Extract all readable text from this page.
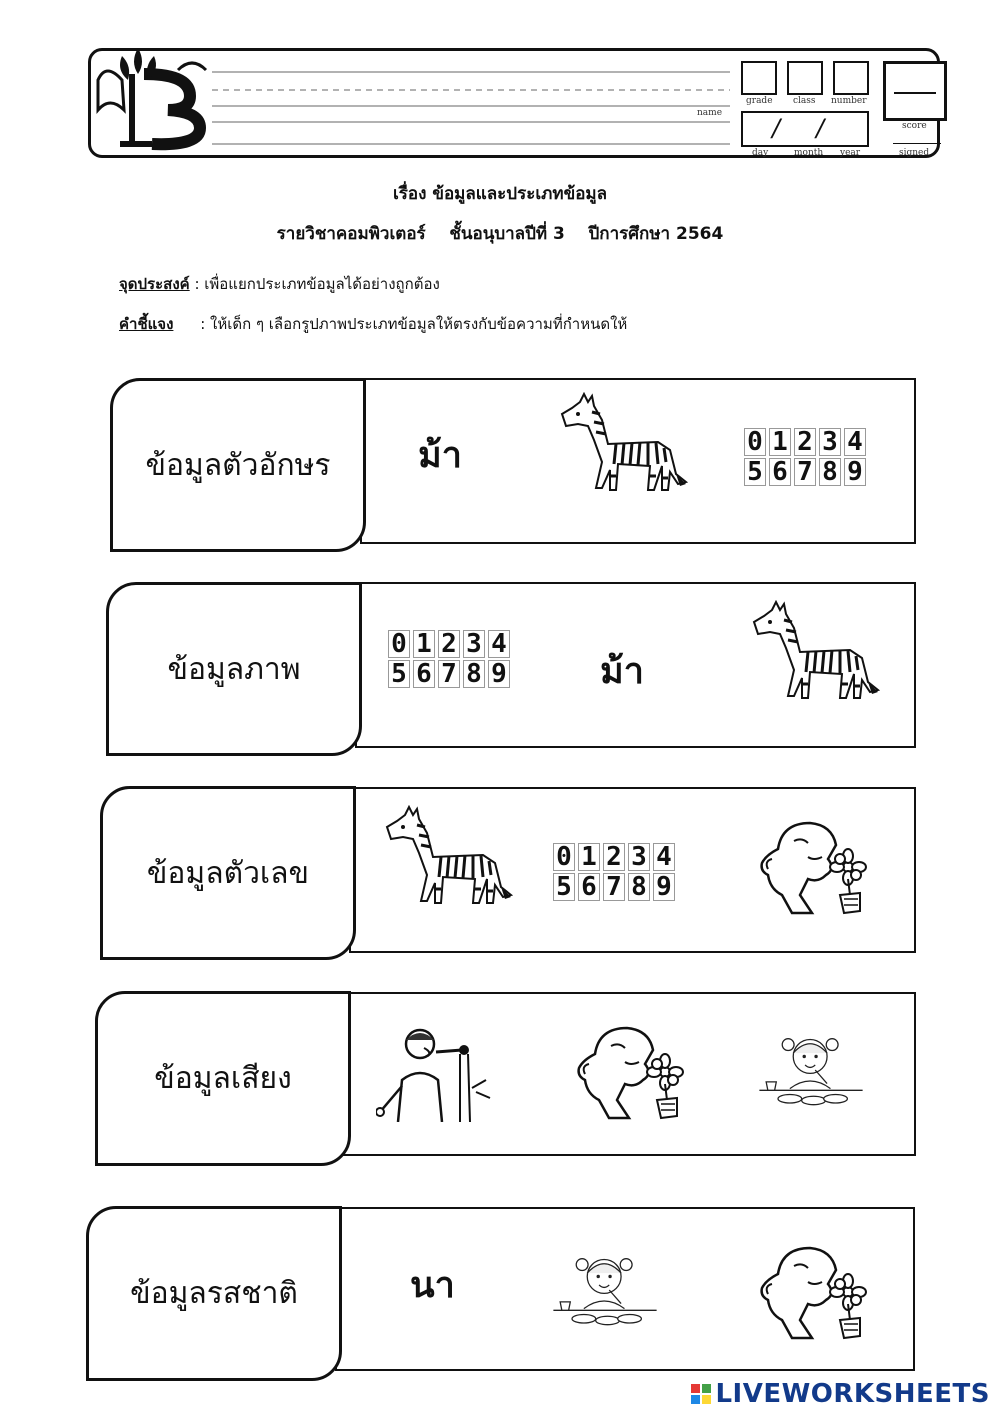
name
grade class number
/ /
day	month year
score
signed
เรื่อง ข้อมูลและประเภทข้อมูล
รายวิชาคอมพิวเตอร์    ชั้นอนุบาลปีที่ 3    ปีการศึกษา 2564
จุดประสงค์ : เพื่อแยกประเภทข้อมูลได้อย่างถูกต้อง
คำชี้แจง : ให้เด็ก ๆ เลือกรูปภาพประเภทข้อมูลให้ตรงกับข้อความที่กำหนดให้
ข้อมูลตัวอักษร	ม้า	0 1 2 3 4
5 6 7 8 9
ข้อมูลภาพ
0 1 2 3 4
5 6 7 8 9	ม้า
ข้อมูลตัวเลข	0 1 2 3 4
5 6 7 8 9
ข้อมูลเสียง
ข้อมูลรสชาติ	นา
LIVEWORKSHEETS
